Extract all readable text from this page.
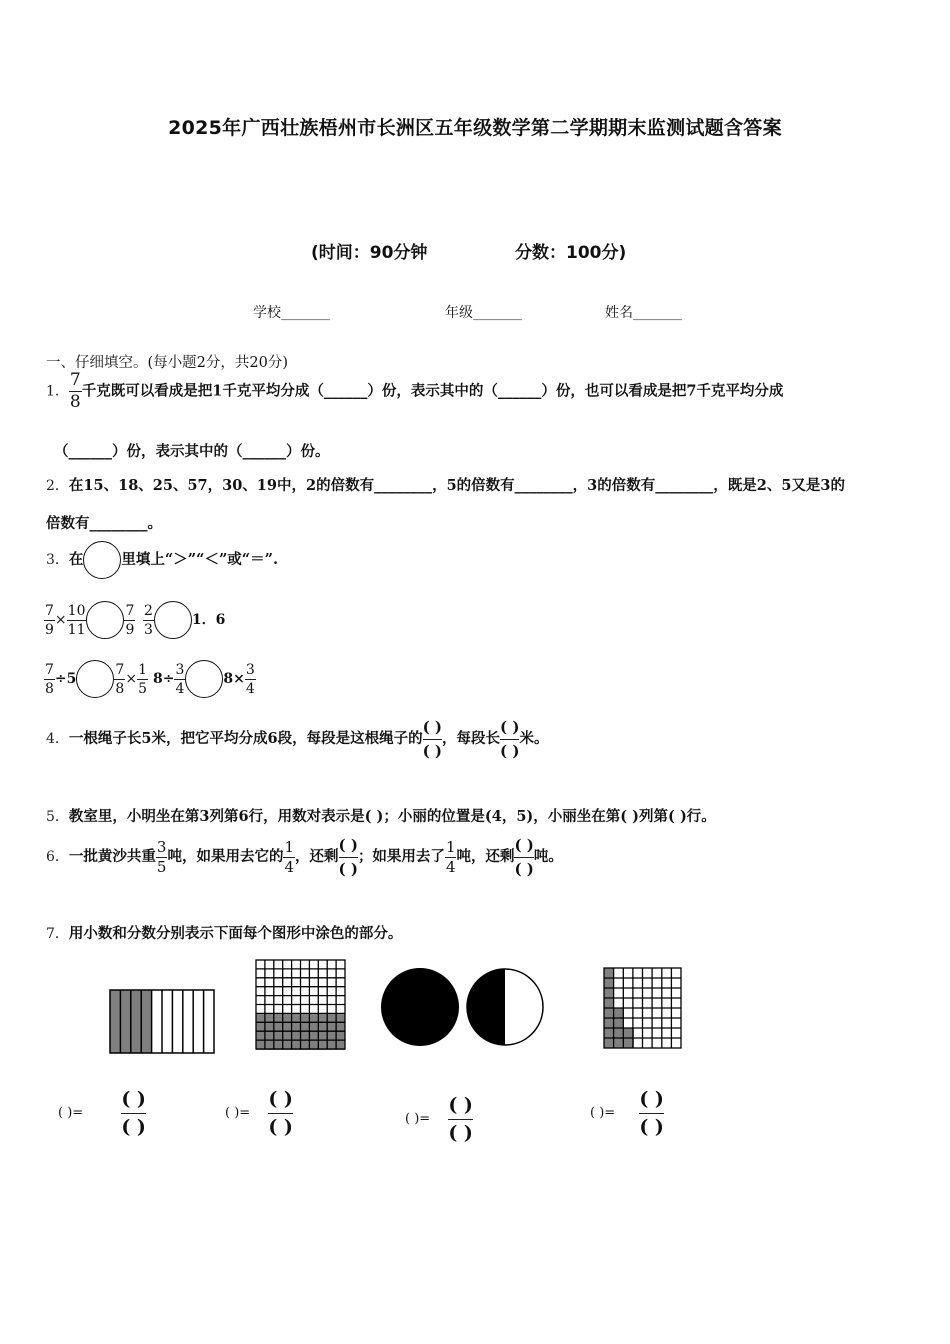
2025年广西壮族梧州市长洲区五年级数学第二学期期末监测试题含答案
(时间：90分钟	分数：100分)
学校_______	年级_______	姓名_______
一、仔细填空。(每小题2分，共20分)
1． $\frac{7}{8}$ 千克既可以看成是把1千克平均分成（______）份，表示其中的（______）份，也可以看成是把7千克平均分成
（______）份，表示其中的（______）份。
2．在15、18、25、57，30、19中，2的倍数有________，5的倍数有________，3的倍数有________，既是2、5又是3的
倍数有________。
3．在	里填上“＞”“＜”或“＝”.
$\frac{7}{9} \times \frac{10}{11}$	$\frac{7}{9} \frac{2}{3}$	1．6
$\frac{7}{8} \div 5$	$\frac{7}{8} \times \frac{1}{5} 8\div \frac{3}{4}$	$8\times \frac{3}{4}$
4．一根绳子长5米，把它平均分成6段，每段是这根绳子的
( )
( )
，每段长
( )
( )
米。
5．教室里，小明坐在第3列第6行，用数对表示是( )；小丽的位置是(4，5)，小丽坐在第( )列第( )行。
6．一批黄沙共重 $\frac{3}{5}$ 吨，如果用去它的 $\frac{1}{4}$ ，还剩
( )
( )
；如果用去了 $\frac{1}{4}$ 吨，还剩
( )
( )
吨。
7．用小数和分数分别表示下面每个图形中涂色的部分。
( )=
( )
( )
( )=
( )
( )	( )=
( )
( )
( )=
( )
( )
